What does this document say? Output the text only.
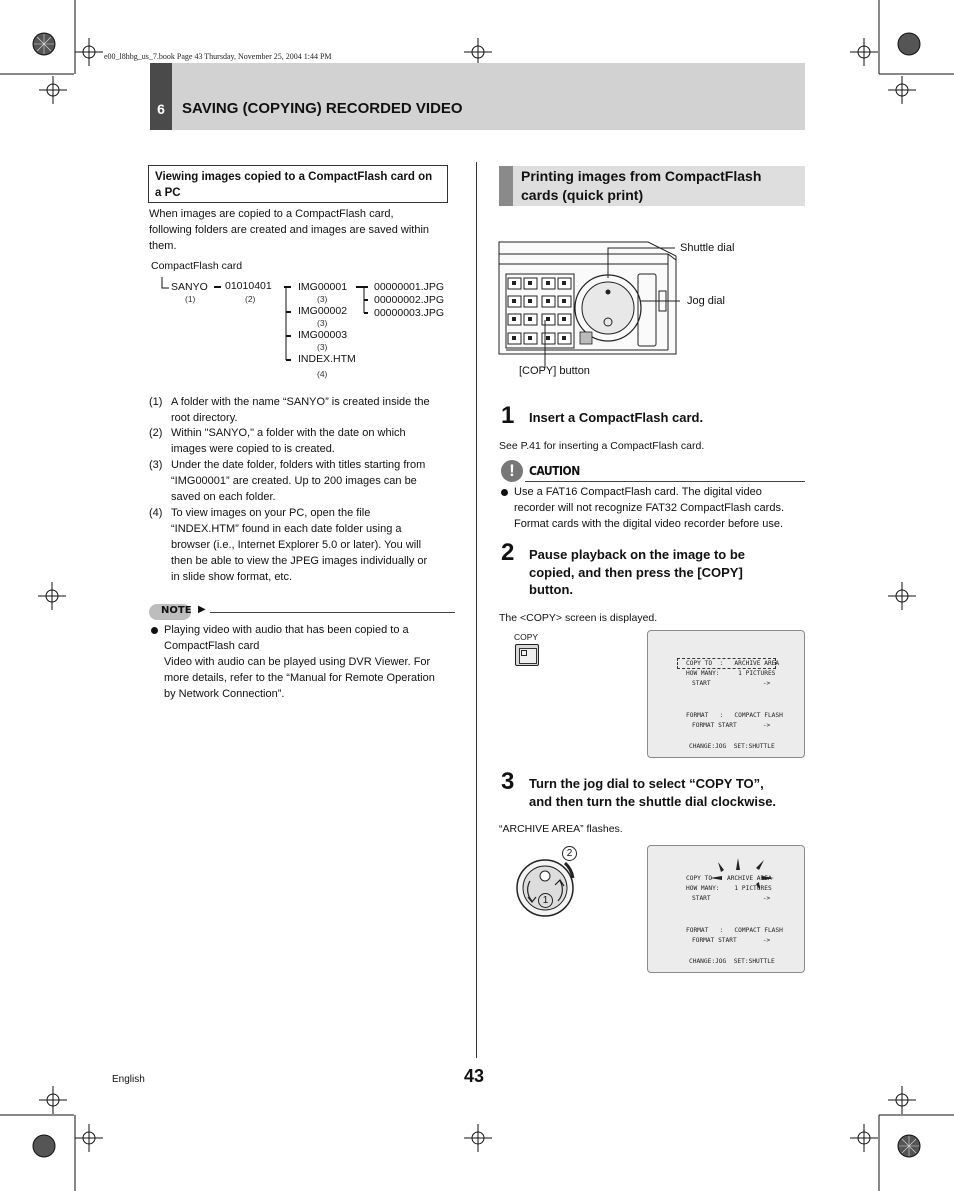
e00_l8hbg_us_7.book Page 43 Thursday, November 25, 2004 1:44 PM
6	SAVING (COPYING) RECORDED VIDEO
Viewing images copied to a CompactFlash card on a PC
When images are copied to a CompactFlash card,
following folders are created and images are saved within
them.
CompactFlash card
SANYO 01010401	IMG00001
IMG00002
IMG00003
INDEX.HTM
00000001.JPG
00000002.JPG
00000003.JPG
(1)	(2)	(3)
(3)
(3)
(4)
(1) A folder with the name “SANYO” is created inside the
root directory.
(2) Within "SANYO," a folder with the date on which
images were copied to is created.
(3) Under the date folder, folders with titles starting from
“IMG00001” are created. Up to 200 images can be
saved on each folder.
(4) To view images on your PC, open the file
“INDEX.HTM” found in each date folder using a
browser (i.e., Internet Explorer 5.0 or later). You will
then be able to view the JPEG images individually or
in slide show format, etc.
NOTE ▶
Playing video with audio that has been copied to a
CompactFlash card
Video with audio can be played using DVR Viewer. For
more details, refer to the “Manual for Remote Operation
by Network Connection”.
Printing images from CompactFlash
cards (quick print)
Shuttle dial
Jog dial
[COPY] button
1 Insert a CompactFlash card.
See P.41 for inserting a CompactFlash card.
!	CAUTION
Use a FAT16 CompactFlash card. The digital video
recorder will not recognize FAT32 CompactFlash cards.
Format cards with the digital video recorder before use.
2 Pause playback on the image to be
copied, and then press the [COPY]
button.
The <COPY> screen is displayed.
COPY
COPY TO  :   ARCHIVE AREA
HOW MANY:     1 PICTURES
START              ->
FORMAT   :   COMPACT FLASH
FORMAT START       ->
CHANGE:JOG  SET:SHUTTLE
3 Turn the jog dial to select “COPY TO”,
and then turn the shuttle dial clockwise.
“ARCHIVE AREA” flashes.
2
1
COPY TO    ARCHIVE AREA
HOW MANY:    1 PICTURES
START              ->
FORMAT   :   COMPACT FLASH
FORMAT START       ->
CHANGE:JOG  SET:SHUTTLE
English	43
